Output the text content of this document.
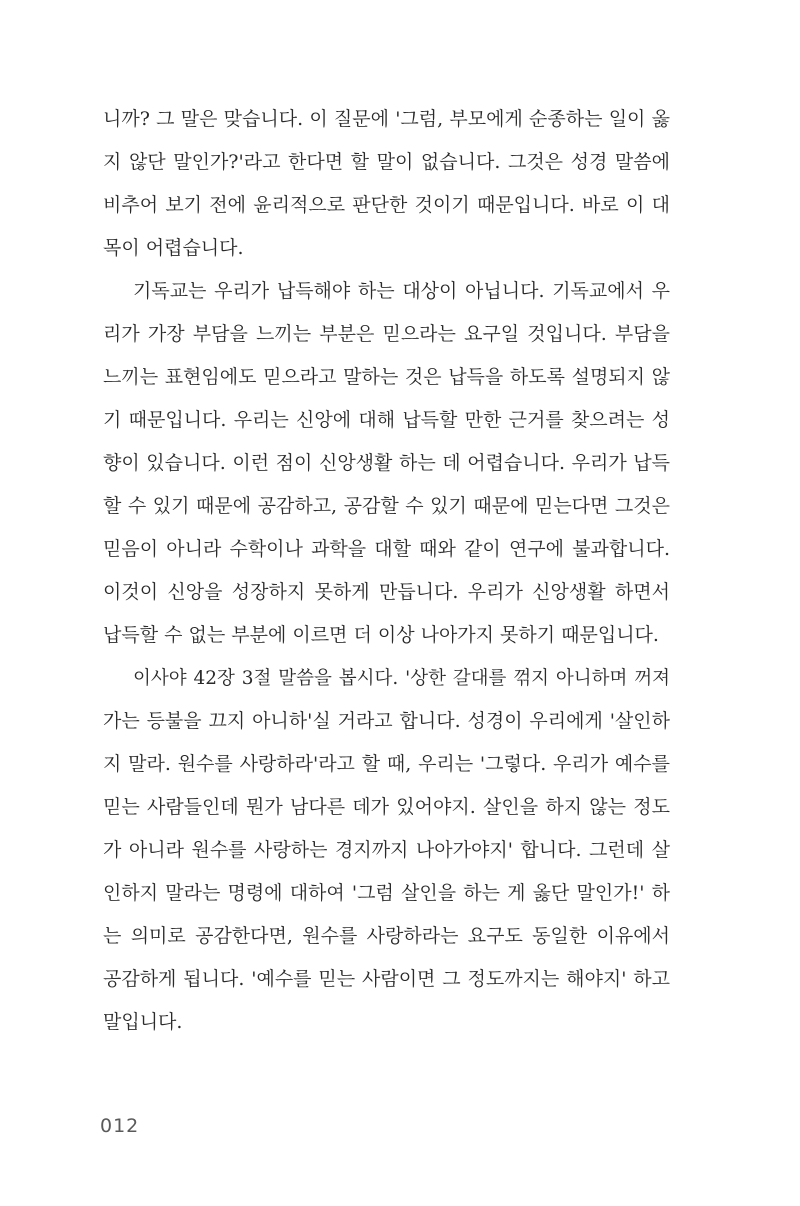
니까? 그 말은 맞습니다. 이 질문에 '그럼, 부모에게 순종하는 일이 옳
지 않단 말인가?'라고 한다면 할 말이 없습니다. 그것은 성경 말씀에
비추어 보기 전에 윤리적으로 판단한 것이기 때문입니다. 바로 이 대
목이 어렵습니다.
기독교는 우리가 납득해야 하는 대상이 아닙니다. 기독교에서 우
리가 가장 부담을 느끼는 부분은 믿으라는 요구일 것입니다. 부담을
느끼는 표현임에도 믿으라고 말하는 것은 납득을 하도록 설명되지 않
기 때문입니다. 우리는 신앙에 대해 납득할 만한 근거를 찾으려는 성
향이 있습니다. 이런 점이 신앙생활 하는 데 어렵습니다. 우리가 납득
할 수 있기 때문에 공감하고, 공감할 수 있기 때문에 믿는다면 그것은
믿음이 아니라 수학이나 과학을 대할 때와 같이 연구에 불과합니다.
이것이 신앙을 성장하지 못하게 만듭니다. 우리가 신앙생활 하면서
납득할 수 없는 부분에 이르면 더 이상 나아가지 못하기 때문입니다.
이사야 42장 3절 말씀을 봅시다. '상한 갈대를 꺾지 아니하며 꺼져
가는 등불을 끄지 아니하'실 거라고 합니다. 성경이 우리에게 '살인하
지 말라. 원수를 사랑하라'라고 할 때, 우리는 '그렇다. 우리가 예수를
믿는 사람들인데 뭔가 남다른 데가 있어야지. 살인을 하지 않는 정도
가 아니라 원수를 사랑하는 경지까지 나아가야지' 합니다. 그런데 살
인하지 말라는 명령에 대하여 '그럼 살인을 하는 게 옳단 말인가!' 하
는 의미로 공감한다면, 원수를 사랑하라는 요구도 동일한 이유에서
공감하게 됩니다. '예수를 믿는 사람이면 그 정도까지는 해야지' 하고
말입니다.
012
